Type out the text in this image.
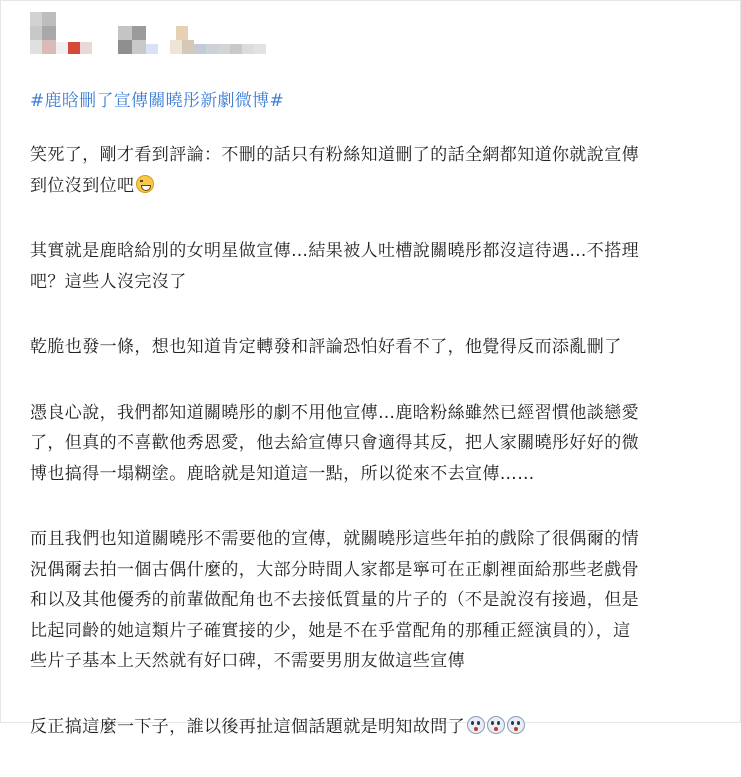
#鹿晗刪了宣傳關曉彤新劇微博#

笑死了，剛才看到評論：不刪的話只有粉絲知道刪了的話全網都知道你就說宣傳
到位沒到位吧

其實就是鹿晗給別的女明星做宣傳…結果被人吐槽說關曉彤都沒這待遇…不搭理
吧？這些人沒完沒了

乾脆也發一條，想也知道肯定轉發和評論恐怕好看不了，他覺得反而添亂刪了

憑良心說，我們都知道關曉彤的劇不用他宣傳…鹿晗粉絲雖然已經習慣他談戀愛
了，但真的不喜歡他秀恩愛，他去給宣傳只會適得其反，把人家關曉彤好好的微
博也搞得一塌糊塗。鹿晗就是知道這一點，所以從來不去宣傳……

而且我們也知道關曉彤不需要他的宣傳，就關曉彤這些年拍的戲除了很偶爾的情
況偶爾去拍一個古偶什麼的，大部分時間人家都是寧可在正劇裡面給那些老戲骨
和以及其他優秀的前輩做配角也不去接低質量的片子的（不是說沒有接過，但是
比起同齡的她這類片子確實接的少，她是不在乎當配角的那種正經演員的），這
些片子基本上天然就有好口碑，不需要男朋友做這些宣傳

反正搞這麼一下子，誰以後再扯這個話題就是明知故問了
